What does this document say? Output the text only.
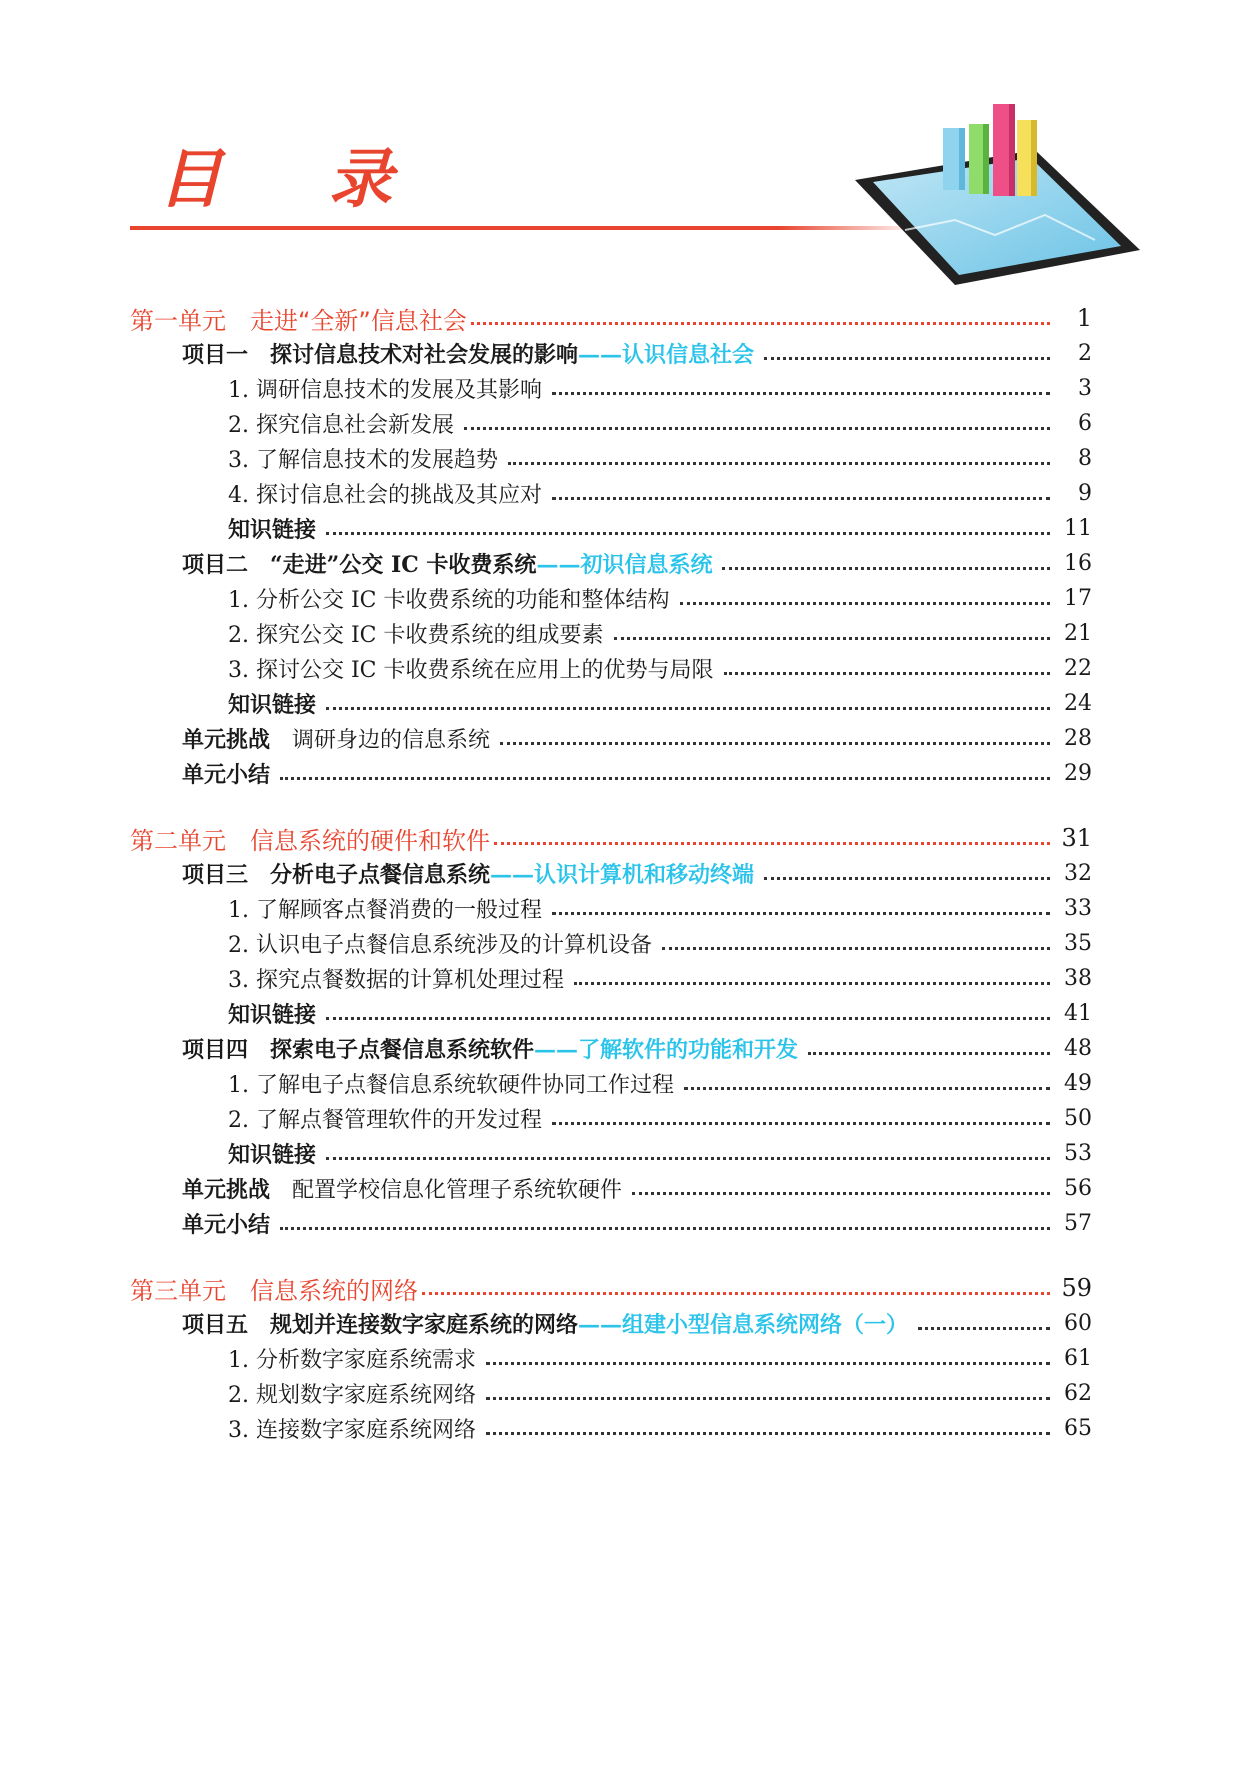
目 录
第一单元　走进“全新”信息社会	1
项目一　探讨信息技术对社会发展的影响 ——认识信息社会	2
1. 调研信息技术的发展及其影响	3
2. 探究信息社会新发展	6
3. 了解信息技术的发展趋势	8
4. 探讨信息社会的挑战及其应对	9
知识链接	11
项目二　“走进”公交 IC 卡收费系统 ——初识信息系统	16
1. 分析公交 IC 卡收费系统的功能和整体结构	17
2. 探究公交 IC 卡收费系统的组成要素	21
3. 探讨公交 IC 卡收费系统在应用上的优势与局限	22
知识链接	24
单元挑战 　调研身边的信息系统	28
单元小结	29
第二单元　信息系统的硬件和软件	31
项目三　分析电子点餐信息系统 ——认识计算机和移动终端	32
1. 了解顾客点餐消费的一般过程	33
2. 认识电子点餐信息系统涉及的计算机设备	35
3. 探究点餐数据的计算机处理过程	38
知识链接	41
项目四　探索电子点餐信息系统软件 ——了解软件的功能和开发	48
1. 了解电子点餐信息系统软硬件协同工作过程	49
2. 了解点餐管理软件的开发过程	50
知识链接	53
单元挑战 　配置学校信息化管理子系统软硬件	56
单元小结	57
第三单元　信息系统的网络	59
项目五　规划并连接数字家庭系统的网络 ——组建小型信息系统网络（一）	60
1. 分析数字家庭系统需求	61
2. 规划数字家庭系统网络	62
3. 连接数字家庭系统网络	65
